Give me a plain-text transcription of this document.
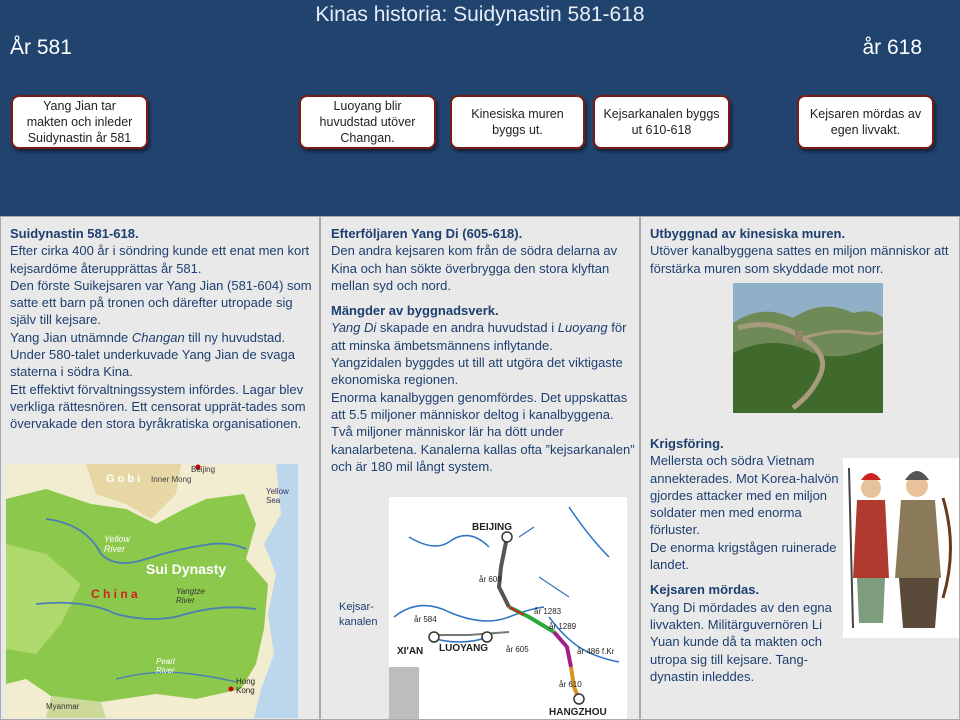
Kinas historia: Suidynastin 581-618
År 581	år 618
Yang Jian tar
makten och inleder
Suidynastin år 581
Luoyang blir
huvudstad utöver
Changan.
Kinesiska muren
byggs ut.
Kejsarkanalen byggs
ut 610-618
Kejsaren mördas av
egen livvakt.

Suidynastin 581-618.

Efter cirka 400 år i söndring kunde ett enat men kort kejsardöme återupprättas år 581.

Den förste Suikejsaren var Yang Jian (581-604) som satte ett barn på tronen och därefter utropade sig själv till kejsare.

Yang Jian utnämnde Changan till ny huvudstad.

Under 580-talet underkuvade Yang Jian de svaga staterna i södra Kina.

Ett effektivt förvaltningssystem infördes. Lagar blev verkliga rättesnören. Ett censorat upprät-tades som övervakade den stora byråkratiska organisationen.

G o b i Inner Mong
Beijing
Yellow Sea
Yellow River
Sui Dynasty
Yangtze River
C h i n a
Pearl River
Hong Kong
Myanmar

Efterföljaren Yang Di (605-618).

Den andra kejsaren kom från de södra delarna av Kina och han sökte överbrygga den stora klyftan mellan syd och nord.

Mängder av byggnadsverk.

Yang Di skapade en andra huvudstad i Luoyang för att minska ämbetsmännens inflytande.

Yangzidalen byggdes ut till att utgöra det viktigaste ekonomiska regionen.

Enorma kanalbyggen genomfördes. Det uppskattas att 5.5 miljoner människor deltog i kanalbyggena. Två miljoner människor lär ha dött under kanalarbetena. Kanalerna kallas ofta ”kejsarkanalen” och är 180 mil långt system.

Kejsar-
kanalen
BEIJING
år 608
år 1283
år 1289
år 584
XI'AN LUOYANG år 605	år 486 f.Kr
år 610
HANGZHOU

Utbyggnad av kinesiska muren.

Utöver kanalbyggena sattes en miljon människor att förstärka muren som skyddade mot norr.

Krigsföring.

Mellersta och södra Vietnam annekterades. Mot Korea-halvön gjordes attacker med en miljon soldater men med enorma förluster.

De enorma krigstågen ruinerade landet.

Kejsaren mördas.

Yang Di mördades av den egna livvakten. Militärguvernören Li Yuan kunde då ta makten och utropa sig till kejsare. Tang-dynastin inleddes.
